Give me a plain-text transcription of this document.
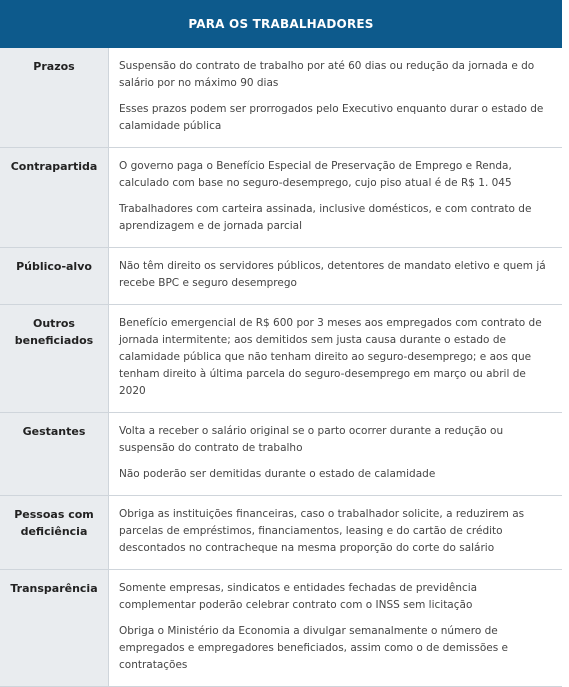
PARA OS TRABALHADORES
Prazos	Suspensão do contrato de trabalho por até 60 dias ou redução da jornada e do salário por no máximo 90 dias

Esses prazos podem ser prorrogados pelo Executivo enquanto durar o estado de calamidade pública

Contrapartida	O governo paga o Benefício Especial de Preservação de Emprego e Renda, calculado com base no seguro-desemprego, cujo piso atual é de R$ 1. 045

Trabalhadores com carteira assinada, inclusive domésticos, e com contrato de aprendizagem e de jornada parcial

Público-alvo	Não têm direito os servidores públicos, detentores de mandato eletivo e quem já recebe BPC e seguro desemprego

Outros beneficiados	Benefício emergencial de R$ 600 por 3 meses aos empregados com contrato de jornada intermitente; aos demitidos sem justa causa durante o estado de calamidade pública que não tenham direito ao seguro-desemprego; e aos que tenham direito à última parcela do seguro-desemprego em março ou abril de 2020

Gestantes	Volta a receber o salário original se o parto ocorrer durante a redução ou suspensão do contrato de trabalho

Não poderão ser demitidas durante o estado de calamidade

Pessoas com deficiência	Obriga as instituições financeiras, caso o trabalhador solicite, a reduzirem as parcelas de empréstimos, financiamentos, leasing e do cartão de crédito descontados no contracheque na mesma proporção do corte do salário

Transparência	Somente empresas, sindicatos e entidades fechadas de previdência complementar poderão celebrar contrato com o INSS sem licitação

Obriga o Ministério da Economia a divulgar semanalmente o número de empregados e empregadores beneficiados, assim como o de demissões e contratações
